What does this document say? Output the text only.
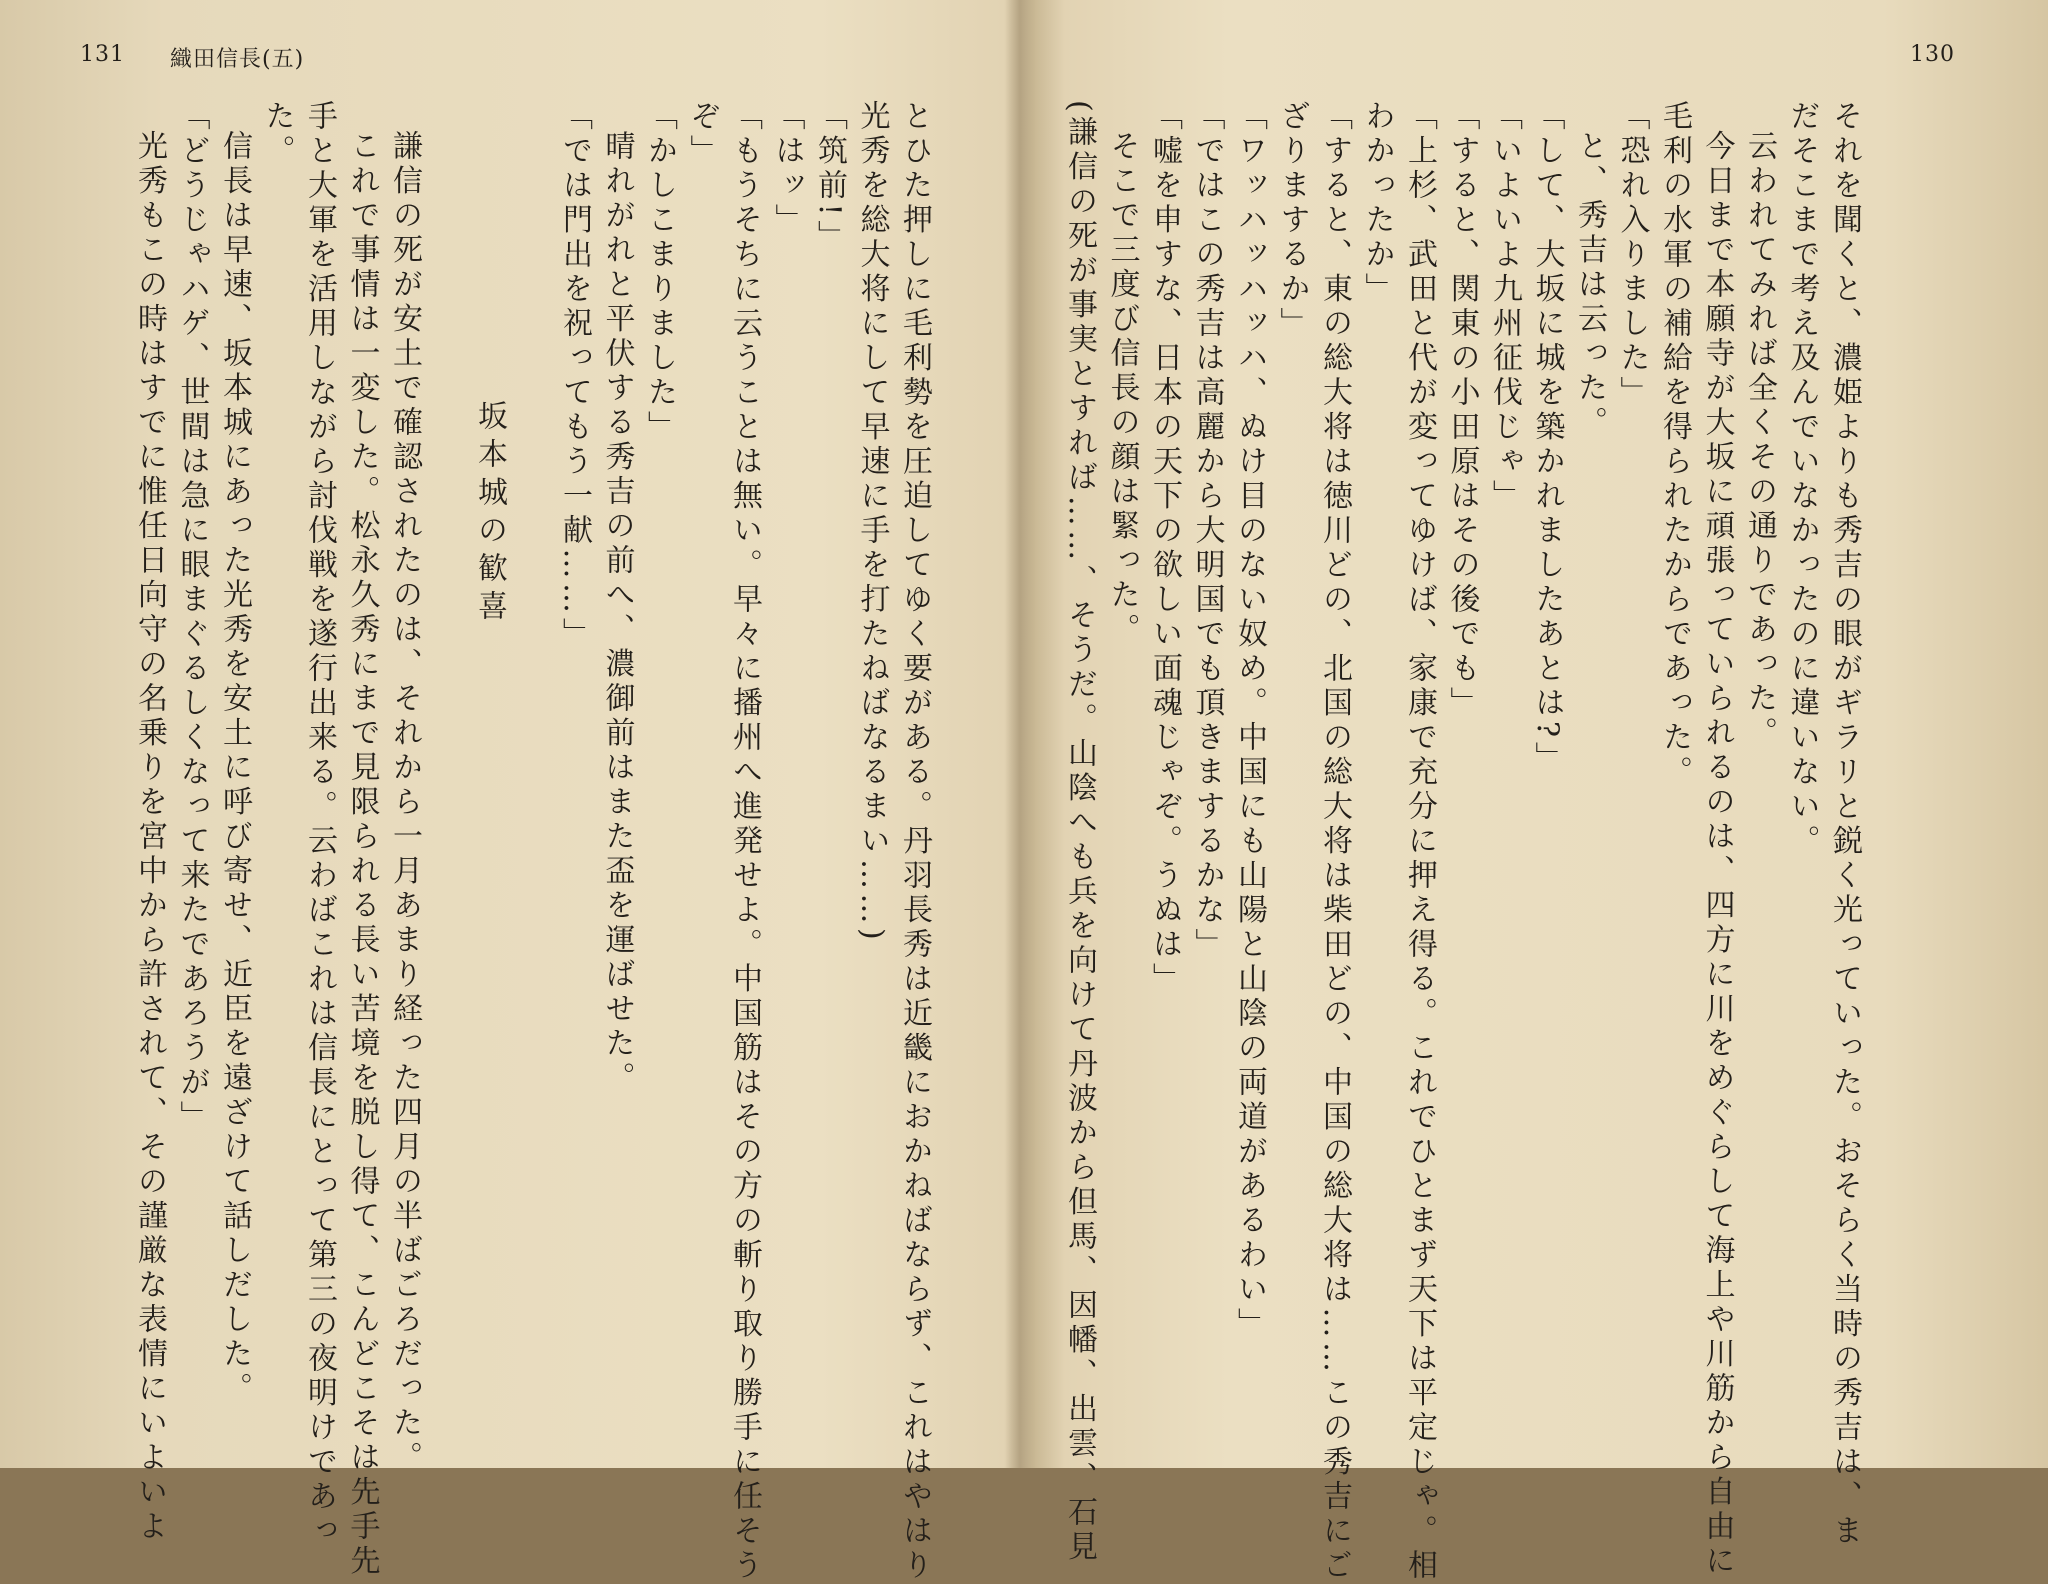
131 織田信長(五)	130
それを聞くと、濃姫よりも秀吉の眼がギラリと鋭く光っていった。おそらく当時の秀吉は、ま
だそこまで考え及んでいなかったのに違いない。
云われてみれば全くその通りであった。
今日まで本願寺が大坂に頑張っていられるのは、四方に川をめぐらして海上や川筋から自由に
毛利の水軍の補給を得られたからであった。
「恐れ入りました」
と、秀吉は云った。
「して、大坂に城を築かれましたあとは?」
「いよいよ九州征伐じゃ」
「すると、関東の小田原はその後でも」
「上杉、武田と代が変ってゆけば、家康で充分に押え得る。これでひとまず天下は平定じゃ。相
わかったか」
「すると、東の総大将は徳川どの、北国の総大将は柴田どの、中国の総大将は……この秀吉にご
ざりまするか」
「ワッハッハッハ、ぬけ目のない奴め。中国にも山陽と山陰の両道があるわい」
「ではこの秀吉は高麗から大明国でも頂きまするかな」
「嘘を申すな、日本の天下の欲しい面魂じゃぞ。うぬは」
そこで三度び信長の顔は緊った。
(謙信の死が事実とすれば……、そうだ。山陰へも兵を向けて丹波から但馬、因幡、出雲、石見
とひた押しに毛利勢を圧迫してゆく要がある。丹羽長秀は近畿におかねばならず、これはやはり
光秀を総大将にして早速に手を打たねばなるまい……)
「筑前!」
「はッ」
「もうそちに云うことは無い。早々に播州へ進発せよ。中国筋はその方の斬り取り勝手に任そう
ぞ」
「かしこまりました」
晴れがれと平伏する秀吉の前へ、濃御前はまた盃を運ばせた。
「では門出を祝ってもう一献……」

坂本城の歓喜

謙信の死が安土で確認されたのは、それから一月あまり経った四月の半ばごろだった。
これで事情は一変した。松永久秀にまで見限られる長い苦境を脱し得て、こんどこそは先手先
手と大軍を活用しながら討伐戦を遂行出来る。云わばこれは信長にとって第三の夜明けであっ
た。
信長は早速、坂本城にあった光秀を安土に呼び寄せ、近臣を遠ざけて話しだした。
「どうじゃハゲ、世間は急に眼まぐるしくなって来たであろうが」
光秀もこの時はすでに惟任日向守の名乗りを宮中から許されて、その謹厳な表情にいよいよ
